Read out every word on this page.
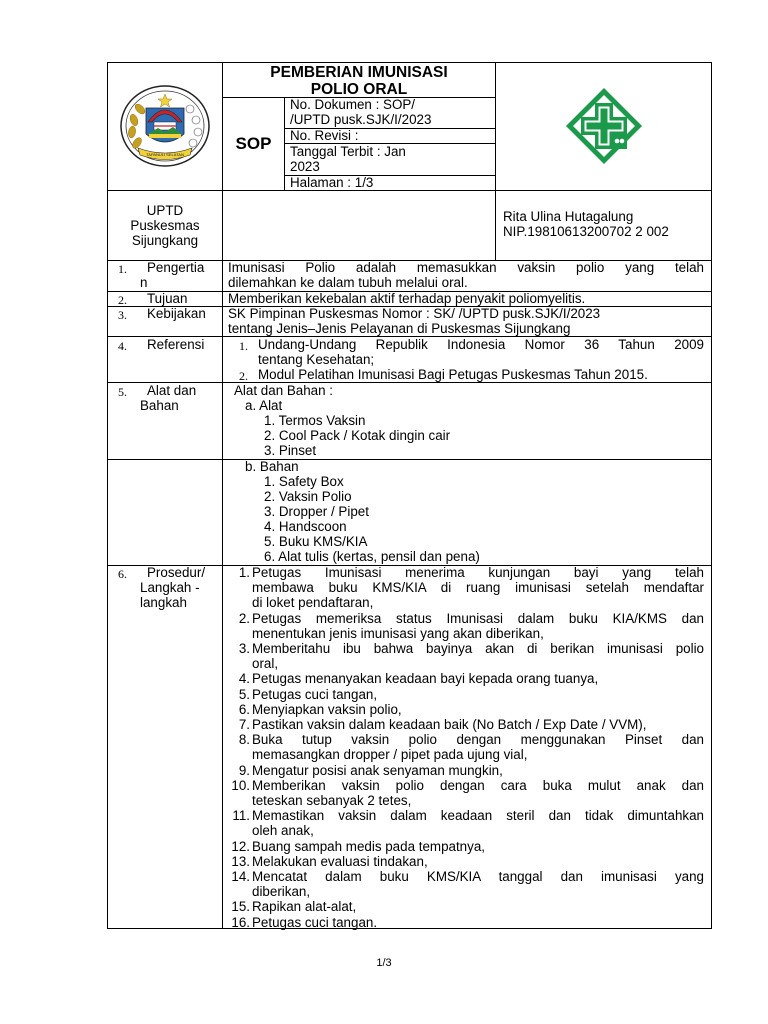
TAPANULI SELATAN
PEMBERIAN IMUNISASI
POLIO ORAL
SOP
No. Dokumen : SOP/
/UPTD pusk.SJK/I/2023
No. Revisi :
Tanggal Terbit : Jan
2023
Halaman : 1/3
UPTD
Puskesmas
Sijungkang
Rita Ulina Hutagalung
NIP.19810613200702 2 002
1. Pengertia
n
Imunisasi Polio adalah memasukkan vaksin polio yang telah
dilemahkan ke dalam tubuh melalui oral.
2. Tujuan	Memberikan kekebalan aktif terhadap penyakit poliomyelitis.
3. Kebijakan SK Pimpinan Puskesmas Nomor : SK/ /UPTD pusk.SJK/I/2023
tentang Jenis–Jenis Pelayanan di Puskesmas Sijungkang
4. Referensi	1. Undang-Undang Republik Indonesia Nomor 36 Tahun 2009
tentang Kesehatan;
2. Modul Pelatihan Imunisasi Bagi Petugas Puskesmas Tahun 2015.
5. Alat dan
Bahan
Alat dan Bahan :
a. Alat
1. Termos Vaksin
2. Cool Pack / Kotak dingin cair
3. Pinset
b. Bahan
1. Safety Box
2. Vaksin Polio
3. Dropper / Pipet
4. Handscoon
5. Buku KMS/KIA
6. Alat tulis (kertas, pensil dan pena)
6. Prosedur/
Langkah -
langkah
1. Petugas Imunisasi menerima kunjungan bayi yang telah
membawa buku KMS/KIA di ruang imunisasi setelah mendaftar
di loket pendaftaran,
2. Petugas memeriksa status Imunisasi dalam buku KIA/KMS dan
menentukan jenis imunisasi yang akan diberikan,
3. Memberitahu ibu bahwa bayinya akan di berikan imunisasi polio
oral,
4. Petugas menanyakan keadaan bayi kepada orang tuanya,
5. Petugas cuci tangan,
6. Menyiapkan vaksin polio,
7. Pastikan vaksin dalam keadaan baik (No Batch / Exp Date / VVM),
8. Buka tutup vaksin polio dengan menggunakan Pinset dan
memasangkan dropper / pipet pada ujung vial,
9. Mengatur posisi anak senyaman mungkin,
10. Memberikan vaksin polio dengan cara buka mulut anak dan
teteskan sebanyak 2 tetes,
11. Memastikan vaksin dalam keadaan steril dan tidak dimuntahkan
oleh anak,
12. Buang sampah medis pada tempatnya,
13. Melakukan evaluasi tindakan,
14. Mencatat dalam buku KMS/KIA tanggal dan imunisasi yang
diberikan,
15. Rapikan alat-alat,
16. Petugas cuci tangan.
1/3
